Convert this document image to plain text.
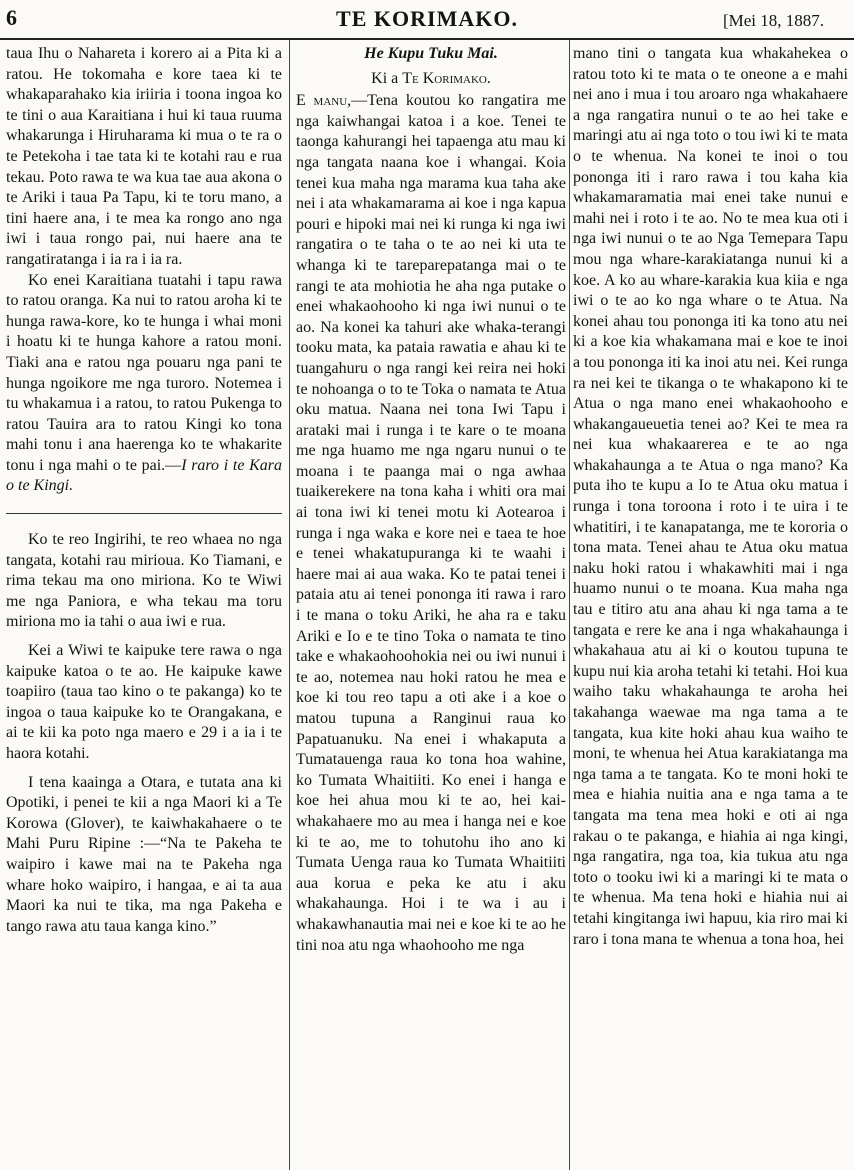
6	TE KORIMAKO.	[Mei 18, 1887.

taua Ihu o Nahareta i korero ai a Pita ki a ratou. He tokomaha e kore taea ki te whakaparahako kia iriiria i toona ingoa ko te tini o aua Karaitiana i hui ki taua ruuma whakarunga i Hiruharama ki mua o te ra o te Petekoha i tae tata ki te kotahi rau e rua tekau. Poto rawa te wa kua tae aua akona o te Ariki i taua Pa Tapu, ki te toru mano, a tini haere ana, i te mea ka rongo ano nga iwi i taua rongo pai, nui haere ana te rangatiratanga i ia ra i ia ra.

Ko enei Karaitiana tuatahi i tapu rawa to ratou oranga. Ka nui to ratou aroha ki te hunga rawa-kore, ko te hunga i whai moni i hoatu ki te hunga kahore a ratou moni. Tiaki ana e ratou nga pouaru nga pani te hunga ngoikore me nga turoro. Notemea i tu whakamua i a ratou, to ratou Pukenga to ratou Tauira ara to ratou Kingi ko tona mahi tonu i ana haerenga ko te whakarite tonu i nga mahi o te pai.—I raro i te Kara o te Kingi.

Ko te reo Ingirihi, te reo whaea no nga tangata, kotahi rau mirioua. Ko Tiamani, e rima tekau ma ono miriona. Ko te Wiwi me nga Paniora, e wha tekau ma toru miriona mo ia tahi o aua iwi e rua.

Kei a Wiwi te kaipuke tere rawa o nga kaipuke katoa o te ao. He kaipuke kawe toapiiro (taua tao kino o te pakanga) ko te ingoa o taua kaipuke ko te Orangakana, e ai te kii ka poto nga maero e 29 i a ia i te haora kotahi.

I tena kaainga a Otara, e tutata ana ki Opotiki, i penei te kii a nga Maori ki a Te Korowa (Glover), te kaiwhakahaere o te Mahi Puru Ripine :—“Na te Pakeha te waipiro i kawe mai na te Pakeha nga whare hoko waipiro, i hangaa, e ai ta aua Maori ka nui te tika, ma nga Pakeha e tango rawa atu taua kanga kino.”

He Kupu Tuku Mai.
Ki a Te Korimako.

E manu,—Tena koutou ko rangatira me nga kaiwhangai katoa i a koe. Tenei te taonga kahurangi hei tapaenga atu mau ki nga tangata naana koe i whangai. Koia tenei kua maha nga marama kua taha ake nei i ata whakamarama ai koe i nga kapua pouri e hipoki mai nei ki runga ki nga iwi rangatira o te taha o te ao nei ki uta te whanga ki te tareparepatanga mai o te rangi te ata mohiotia he aha nga putake o enei whakaohooho ki nga iwi nunui o te ao. Na konei ka tahuri ake whaka-terangi tooku mata, ka pataia rawatia e ahau ki te tuangahuru o nga rangi kei reira nei hoki te nohoanga o to te Toka o namata te Atua oku matua. Naana nei tona Iwi Tapu i arataki mai i runga i te kare o te moana me nga huamo me nga ngaru nunui o te moana i te paanga mai o nga awhaa tuaikerekere na tona kaha i whiti ora mai ai tona iwi ki tenei motu ki Aotearoa i runga i nga waka e kore nei e taea te hoe e tenei whakatupuranga ki te waahi i haere mai ai aua waka. Ko te patai tenei i pataia atu ai tenei pononga iti rawa i raro i te mana o toku Ariki, he aha ra e taku Ariki e Io e te tino Toka o namata te tino take e whakaohoohokia nei ou iwi nunui i te ao, notemea nau hoki ratou he mea e koe ki tou reo tapu a oti ake i a koe o matou tupuna a Ranginui raua ko Papatuanuku. Na enei i whakaputa a Tumatauenga raua ko tona hoa wahine, ko Tumata Whaitiiti. Ko enei i hanga e koe hei ahua mou ki te ao, hei kai-whakahaere mo au mea i hanga nei e koe ki te ao, me to tohutohu iho ano ki Tumata Uenga raua ko Tumata Whaitiiti aua korua e peka ke atu i aku whakahaunga. Hoi i te wa i au i whakawhanautia mai nei e koe ki te ao he tini noa atu nga whaohooho me nga

mano tini o tangata kua whakahekea o ratou toto ki te mata o te oneone a e mahi nei ano i mua i tou aroaro nga whakahaere a nga rangatira nunui o te ao hei take e maringi atu ai nga toto o tou iwi ki te mata o te whenua. Na konei te inoi o tou pononga iti i raro rawa i tou kaha kia whakamaramatia mai enei take nunui e mahi nei i roto i te ao. No te mea kua oti i nga iwi nunui o te ao Nga Temepara Tapu mou nga whare-karakiatanga nunui ki a koe. A ko au whare-karakia kua kiia e nga iwi o te ao ko nga whare o te Atua. Na konei ahau tou pononga iti ka tono atu nei ki a koe kia whakamana mai e koe te inoi a tou pononga iti ka inoi atu nei. Kei runga ra nei kei te tikanga o te whakapono ki te Atua o nga mano enei whakaohooho e whakangaueuetia tenei ao? Kei te mea ra nei kua whakaarerea e te ao nga whakahaunga a te Atua o nga mano? Ka puta iho te kupu a Io te Atua oku matua i runga i tona toroona i roto i te uira i te whatitiri, i te kanapatanga, me te kororia o tona mata. Tenei ahau te Atua oku matua naku hoki ratou i whakawhiti mai i nga huamo nunui o te moana. Kua maha nga tau e titiro atu ana ahau ki nga tama a te tangata e rere ke ana i nga whakahaunga i whakahaua atu ai ki o koutou tupuna te kupu nui kia aroha tetahi ki tetahi. Hoi kua waiho taku whakahaunga te aroha hei takahanga waewae ma nga tama a te tangata, kua kite hoki ahau kua waiho te moni, te whenua hei Atua karakiatanga ma nga tama a te tangata. Ko te moni hoki te mea e hiahia nuitia ana e nga tama a te tangata ma tena mea hoki e oti ai nga rakau o te pakanga, e hiahia ai nga kingi, nga rangatira, nga toa, kia tukua atu nga toto o tooku iwi ki a maringi ki te mata o te whenua. Ma tena hoki e hiahia nui ai tetahi kingitanga iwi hapuu, kia riro mai ki raro i tona mana te whenua a tona hoa, hei
